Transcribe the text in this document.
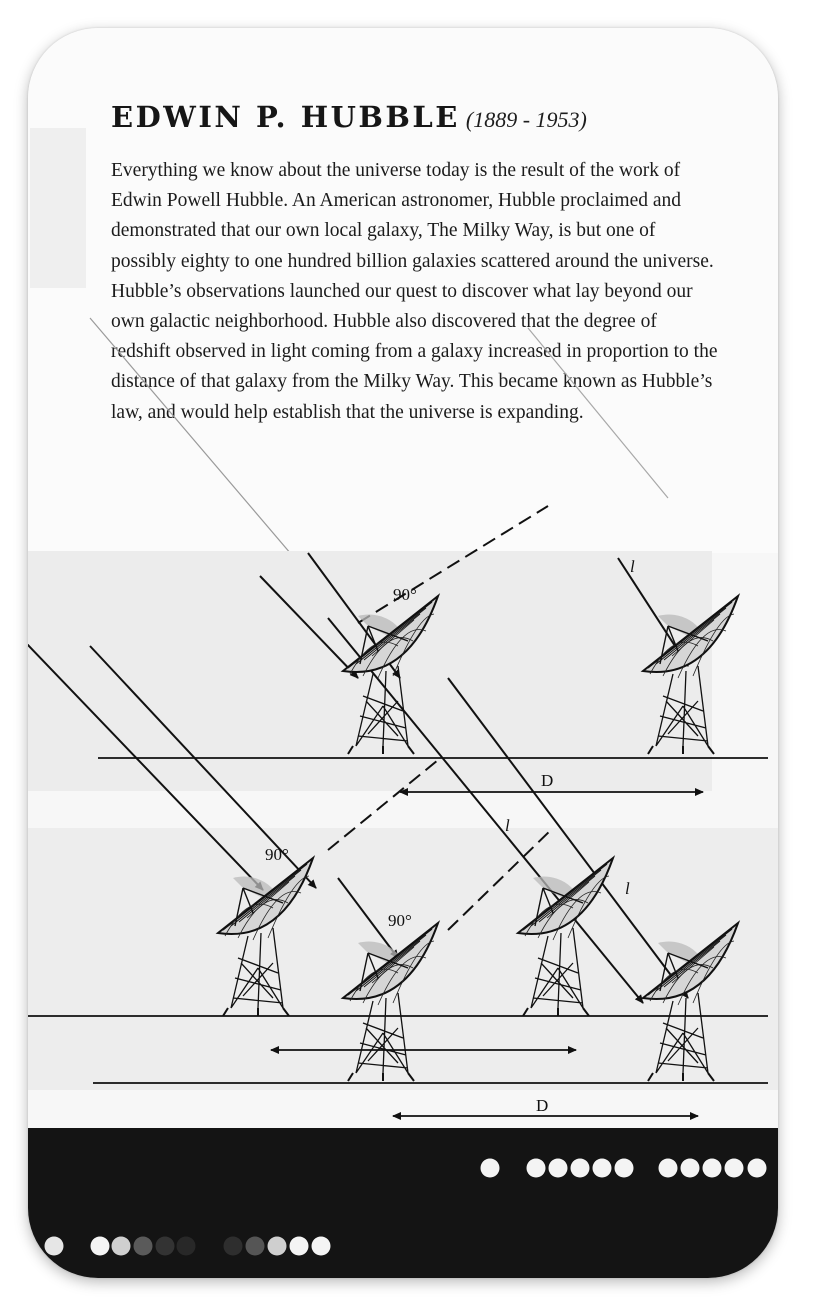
EDWIN P. HUBBLE (1889 - 1953)

Everything we know about the universe today is the result of the work of Edwin Powell Hubble. An American astronomer, Hubble proclaimed and demonstrated that our own local galaxy, The Milky Way, is but one of possibly eighty to one hundred billion galaxies scattered around the universe. Hubble’s observations launched our quest to discover what lay beyond our own galactic neighborhood. Hubble also discovered that the degree of redshift observed in light coming from a galaxy increased in proportion to the distance of that galaxy from the Milky Way. This became known as Hubble’s law, and would help establish that the universe is expanding.

90°
90°
90°
l
l
l
D
D
